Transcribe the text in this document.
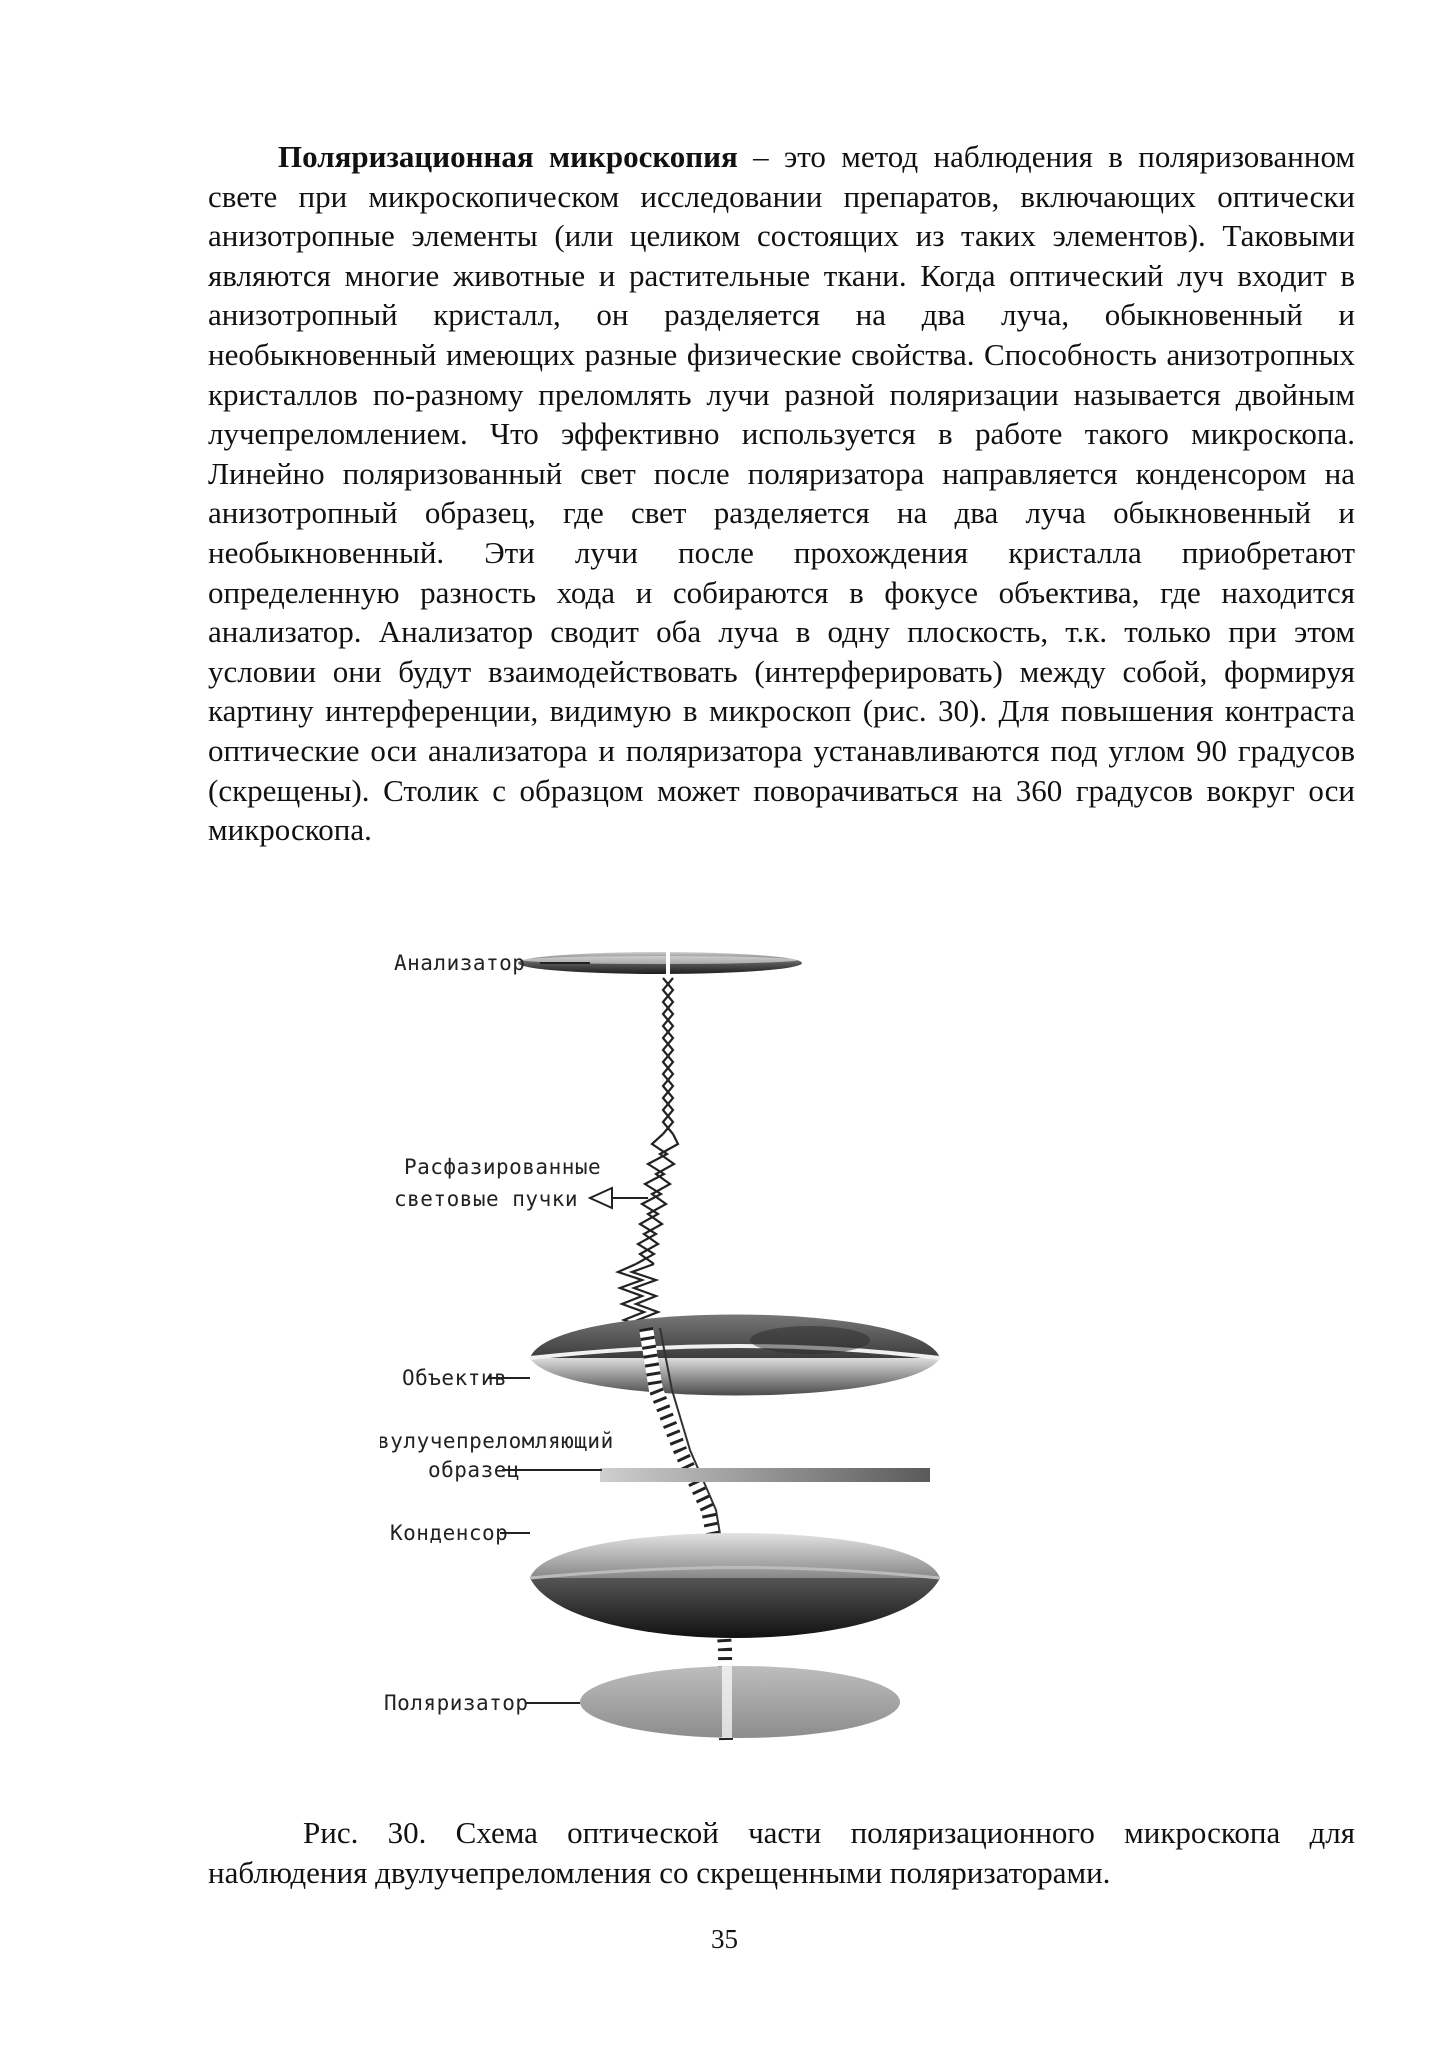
Поляризационная микроскопия – это метод наблюдения в поляризованном свете при микроскопическом исследовании препаратов, включающих оптически анизотропные элементы (или целиком состоящих из таких элементов). Таковыми являются многие животные и растительные ткани. Когда оптический луч входит в анизотропный кристалл, он разделяется на два луча, обыкновенный и необыкновенный имеющих разные физические свойства. Способность анизотропных кристаллов по-разному преломлять лучи разной поляризации называется двойным лучепреломлением. Что эффективно используется в работе такого микроскопа. Линейно поляризованный свет после поляризатора направляется конденсором на анизотропный образец, где свет разделяется на два луча обыкновенный и необыкновенный. Эти лучи после прохождения кристалла приобретают определенную разность хода и собираются в фокусе объектива, где находится анализатор. Анализатор сводит оба луча в одну плоскость, т.к. только при этом условии они будут взаимодействовать (интерферировать) между собой, формируя картину интерференции, видимую в микроскоп (рис. 30). Для повышения контраста оптические оси анализатора и поляризатора устанавливаются под углом 90 градусов (скрещены). Столик с образцом может поворачиваться на 360 градусов вокруг оси микроскопа.

Анализатор
Расфазированные
световые пучки
Объектив
Двулучепреломляющий
образец
Конденсор
Поляризатор

Рис. 30. Схема оптической части поляризационного микроскопа для наблюдения двулучепреломления со скрещенными поляризаторами.

35
